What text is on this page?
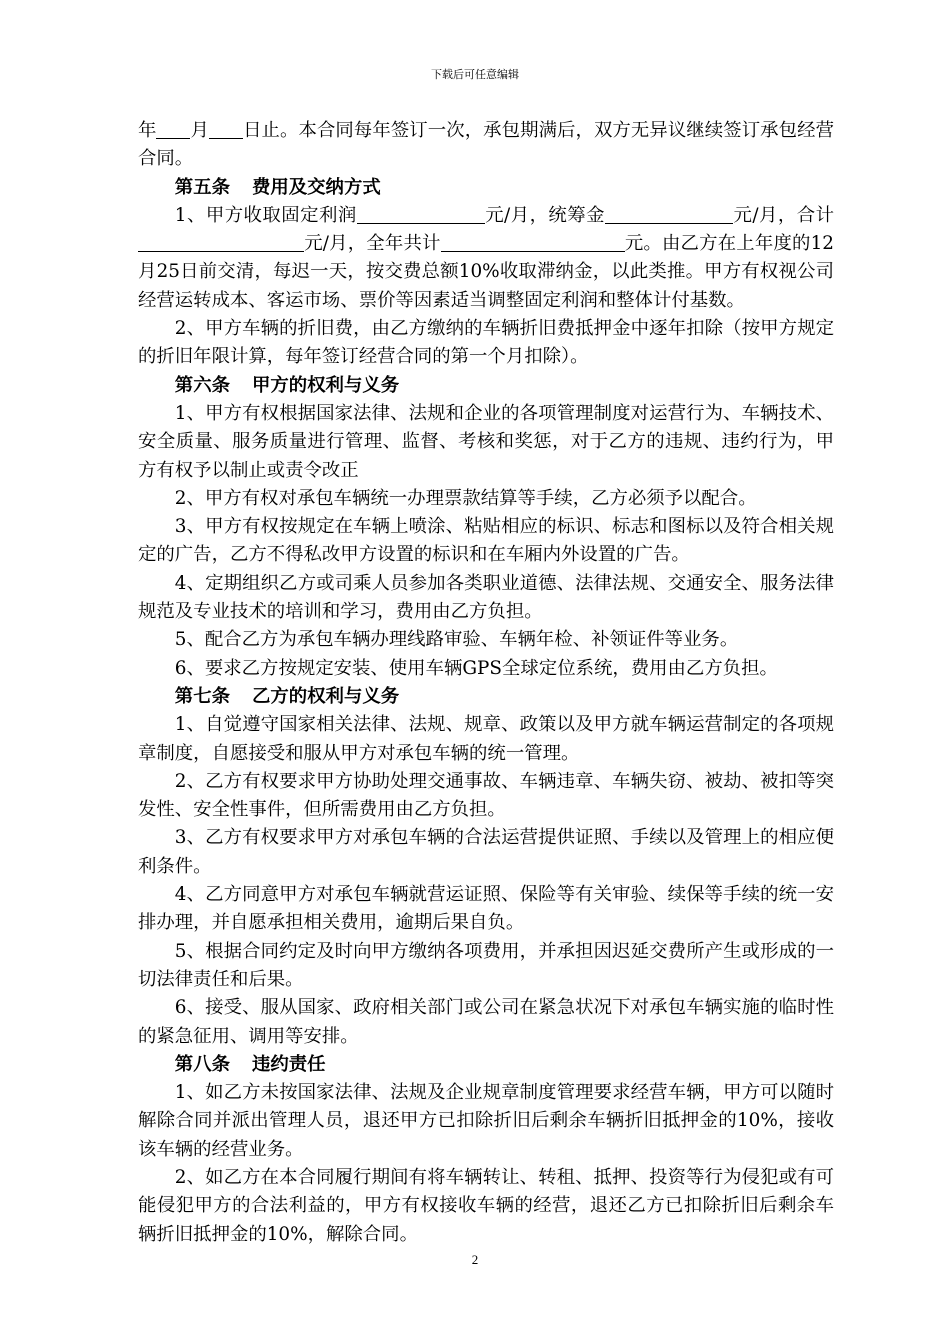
下载后可任意编辑

年 月 日止。本合同每年签订一次，承包期满后，双方无异议继续签订承包经营合同。

第五条 费用及交纳方式

1、甲方收取固定利润	元/月，统筹金	元/月，合计元/月，全年共计	元。由乙方在上年度的12月25日前交清，每迟一天，按交费总额10%收取滞纳金，以此类推。甲方有权视公司经营运转成本、客运市场、票价等因素适当调整固定利润和整体计付基数。

2、甲方车辆的折旧费，由乙方缴纳的车辆折旧费抵押金中逐年扣除（按甲方规定的折旧年限计算，每年签订经营合同的第一个月扣除）。

第六条 甲方的权利与义务

1、甲方有权根据国家法律、法规和企业的各项管理制度对运营行为、车辆技术、安全质量、服务质量进行管理、监督、考核和奖惩，对于乙方的违规、违约行为，甲方有权予以制止或责令改正

2、甲方有权对承包车辆统一办理票款结算等手续，乙方必须予以配合。

3、甲方有权按规定在车辆上喷涂、粘贴相应的标识、标志和图标以及符合相关规定的广告，乙方不得私改甲方设置的标识和在车厢内外设置的广告。

4、定期组织乙方或司乘人员参加各类职业道德、法律法规、交通安全、服务法律规范及专业技术的培训和学习，费用由乙方负担。

5、配合乙方为承包车辆办理线路审验、车辆年检、补领证件等业务。

6、要求乙方按规定安装、使用车辆GPS全球定位系统，费用由乙方负担。

第七条 乙方的权利与义务

1、自觉遵守国家相关法律、法规、规章、政策以及甲方就车辆运营制定的各项规章制度，自愿接受和服从甲方对承包车辆的统一管理。

2、乙方有权要求甲方协助处理交通事故、车辆违章、车辆失窃、被劫、被扣等突发性、安全性事件，但所需费用由乙方负担。

3、乙方有权要求甲方对承包车辆的合法运营提供证照、手续以及管理上的相应便利条件。

4、乙方同意甲方对承包车辆就营运证照、保险等有关审验、续保等手续的统一安排办理，并自愿承担相关费用，逾期后果自负。

5、根据合同约定及时向甲方缴纳各项费用，并承担因迟延交费所产生或形成的一切法律责任和后果。

6、接受、服从国家、政府相关部门或公司在紧急状况下对承包车辆实施的临时性的紧急征用、调用等安排。

第八条 违约责任

1、如乙方未按国家法律、法规及企业规章制度管理要求经营车辆，甲方可以随时解除合同并派出管理人员，退还甲方已扣除折旧后剩余车辆折旧抵押金的10%，接收该车辆的经营业务。

2、如乙方在本合同履行期间有将车辆转让、转租、抵押、投资等行为侵犯或有可能侵犯甲方的合法利益的，甲方有权接收车辆的经营，退还乙方已扣除折旧后剩余车辆折旧抵押金的10%，解除合同。

2
